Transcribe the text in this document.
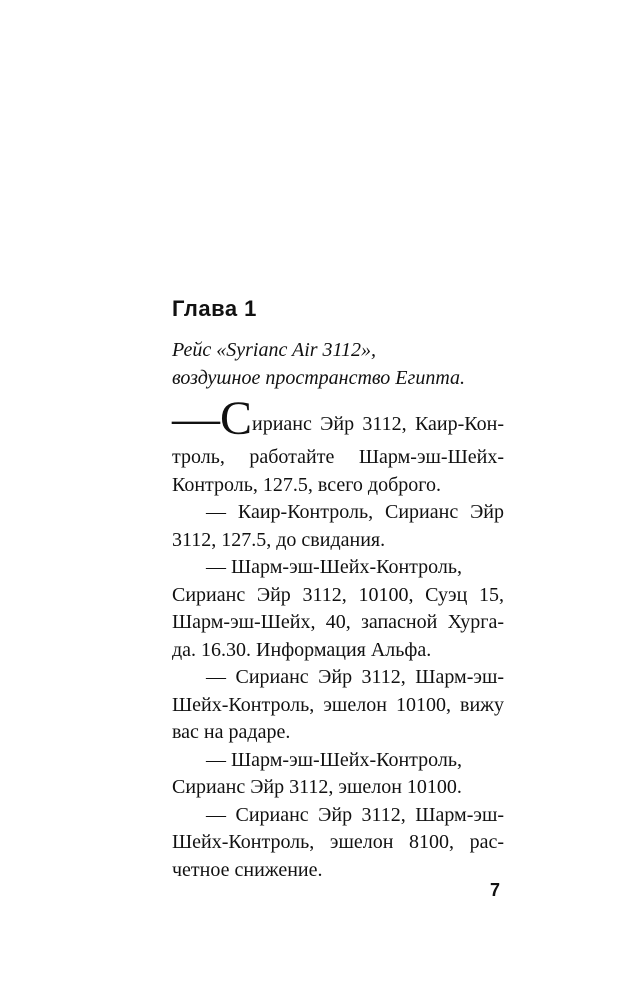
Глава 1
Рейс «Syrianc Air 3112»,
воздушное пространство Египта.

—Сирианс Эйр 3112, Каир-Кон-
троль, работайте Шарм-эш-Шейх-
Контроль, 127.5, всего доброго.

— Каир-Контроль, Сирианс Эйр
3112, 127.5, до свидания.

— Шарм-эш-Шейх-Контроль,
Сирианс Эйр 3112, 10100, Суэц 15,
Шарм-эш-Шейх, 40, запасной Хурга-
да. 16.30. Информация Альфа.

— Сирианс Эйр 3112, Шарм-эш-
Шейх-Контроль, эшелон 10100, вижу
вас на радаре.

— Шарм-эш-Шейх-Контроль,
Сирианс Эйр 3112, эшелон 10100.

— Сирианс Эйр 3112, Шарм-эш-
Шейх-Контроль, эшелон 8100, рас-
четное снижение.

7
